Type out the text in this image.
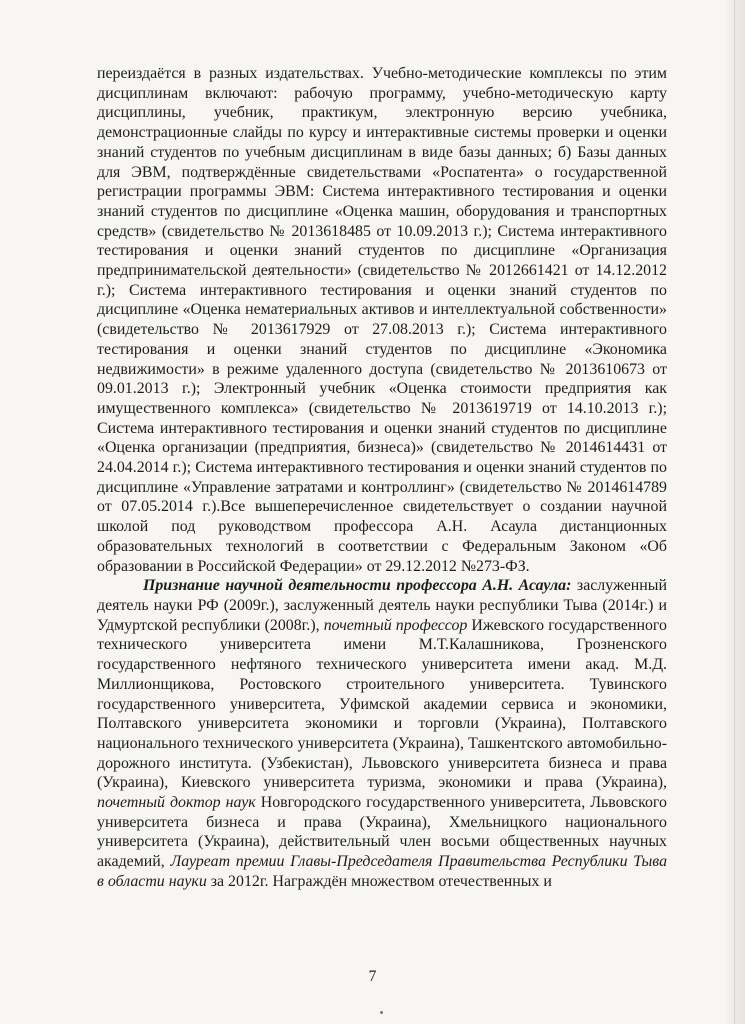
переиздаётся в разных издательствах. Учебно-методические комплексы по этим дисциплинам включают: рабочую программу, учебно-методическую карту дисциплины, учебник, практикум, электронную версию учебника, демонстрационные слайды по курсу и интерактивные системы проверки и оценки знаний студентов по учебным дисциплинам в виде базы данных; б) Базы данных для ЭВМ, подтверждённые свидетельствами «Роспатента» о государственной регистрации программы ЭВМ: Система интерактивного тестирования и оценки знаний студентов по дисциплине «Оценка машин, оборудования и транспортных средств» (свидетельство № 2013618485 от 10.09.2013 г.); Система интерактивного тестирования и оценки знаний студентов по дисциплине «Организация предпринимательской деятельности» (свидетельство № 2012661421 от 14.12.2012 г.); Система интерактивного тестирования и оценки знаний студентов по дисциплине «Оценка нематериальных активов и интеллектуальной собственности» (свидетельство № 2013617929 от 27.08.2013 г.); Система интерактивного тестирования и оценки знаний студентов по дисциплине «Экономика недвижимости» в режиме удаленного доступа (свидетельство № 2013610673 от 09.01.2013 г.); Электронный учебник «Оценка стоимости предприятия как имущественного комплекса» (свидетельство № 2013619719 от 14.10.2013 г.); Система интерактивного тестирования и оценки знаний студентов по дисциплине «Оценка организации (предприятия, бизнеса)» (свидетельство № 2014614431 от 24.04.2014 г.); Система интерактивного тестирования и оценки знаний студентов по дисциплине «Управление затратами и контроллинг» (свидетельство № 2014614789 от 07.05.2014 г.).Все вышеперечисленное свидетельствует о создании научной школой под руководством профессора А.Н. Асаула дистанционных образовательных технологий в соответствии с Федеральным Законом «Об образовании в Российской Федерации» от 29.12.2012 №273-ФЗ.

Признание научной деятельности профессора А.Н. Асаула: заслуженный деятель науки РФ (2009г.), заслуженный деятель науки республики Тыва (2014г.) и Удмуртской республики (2008г.), почетный профессор Ижевского государственного технического университета имени М.Т.Калашникова, Грозненского государственного нефтяного технического университета имени акад. М.Д. Миллионщикова, Ростовского строительного университета. Тувинского государственного университета, Уфимской академии сервиса и экономики, Полтавского университета экономики и торговли (Украина), Полтавского национального технического университета (Украина), Ташкентского автомобильно-дорожного института. (Узбекистан), Львовского университета бизнеса и права (Украина), Киевского университета туризма, экономики и права (Украина), почетный доктор наук Новгородского государственного университета, Львовского университета бизнеса и права (Украина), Хмельницкого национального университета (Украина), действительный член восьми общественных научных академий, Лауреат премии Главы-Председателя Правительства Республики Тыва в области науки за 2012г. Награждён множеством отечественных и

7
